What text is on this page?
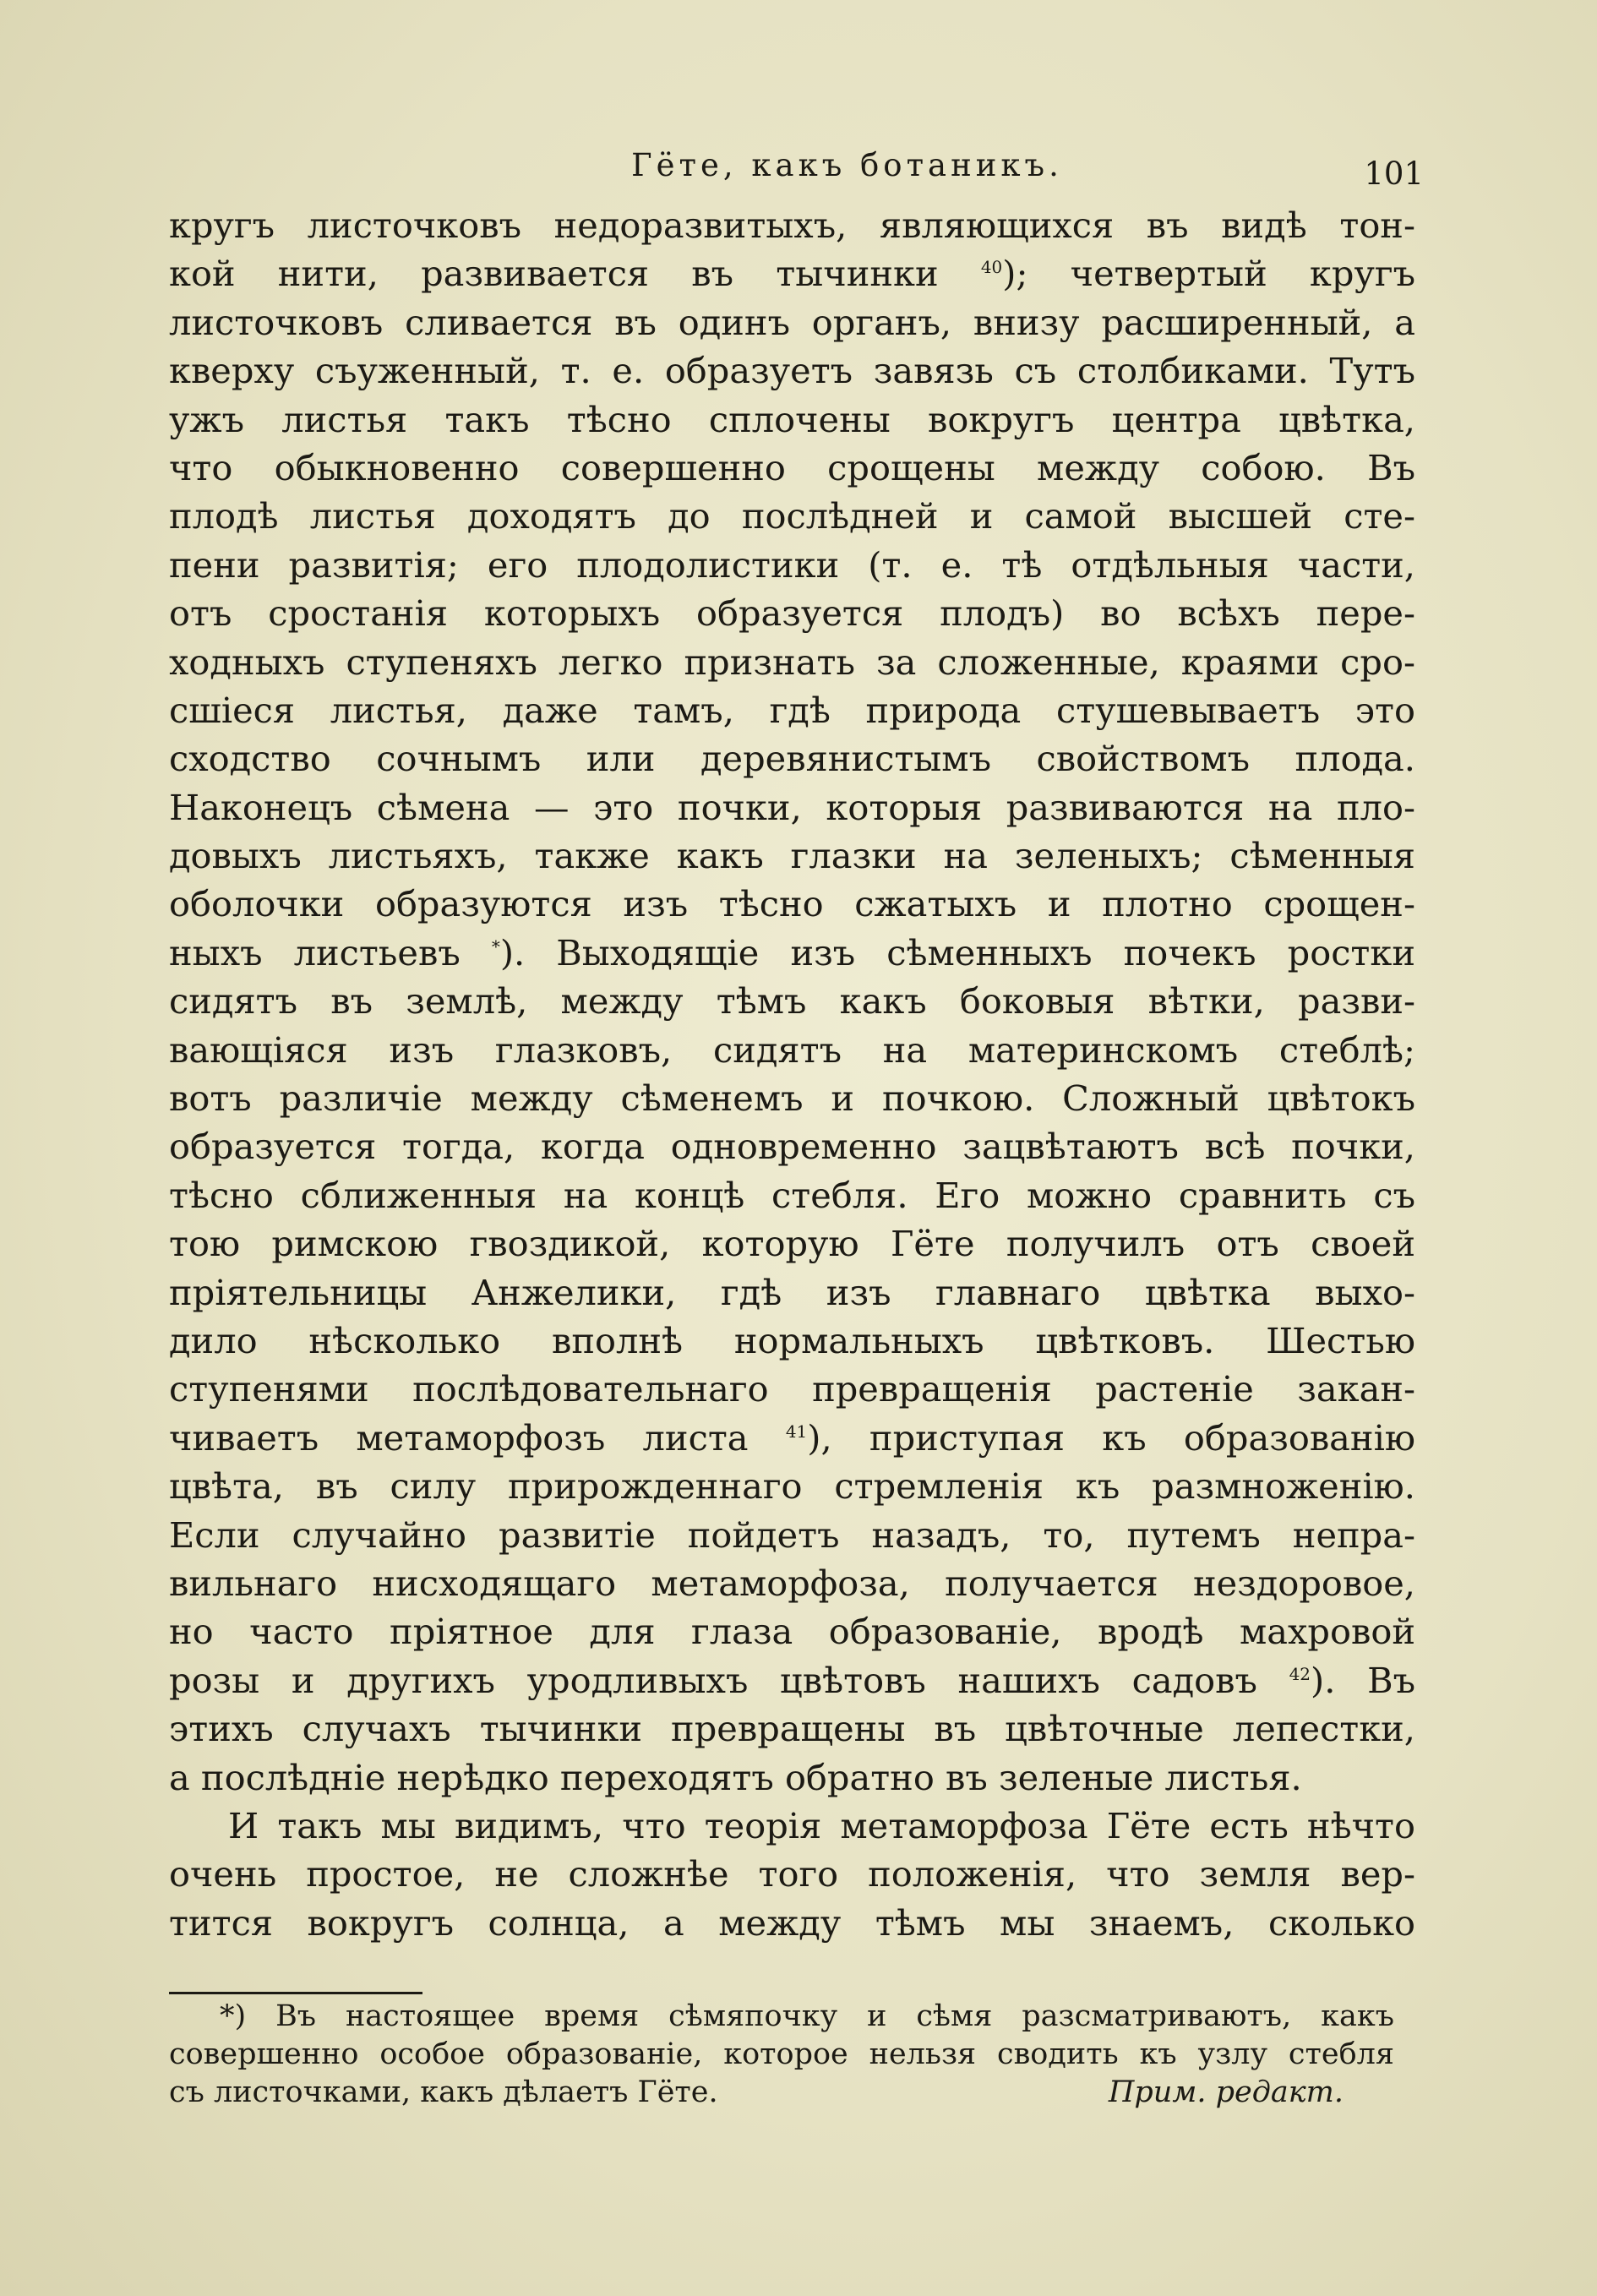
Гёте, какъ ботаникъ.	101
кругъ листочковъ недоразвитыхъ, являющихся въ видѣ тон-
кой нити, развивается въ тычинки	$^{40}$); четвертый кругъ
листочковъ сливается въ одинъ органъ, внизу расширенный, а
кверху съуженный, т. е. образуетъ завязь съ столбиками. Тутъ
ужъ листья такъ тѣсно сплочены вокругъ центра цвѣтка,
что обыкновенно совершенно срощены между собою. Въ
плодѣ листья доходятъ до послѣдней и самой высшей сте-
пени развитія; его плодолистики (т. е. тѣ отдѣльныя части,
отъ сростанія которыхъ образуется плодъ) во всѣхъ пере-
ходныхъ ступеняхъ легко признать за сложенные, краями сро-
сшіеся листья, даже тамъ, гдѣ природа стушевываетъ это
сходство сочнымъ или деревянистымъ свойствомъ плода.
Наконецъ сѣмена — это почки, которыя развиваются на пло-
довыхъ листьяхъ, также какъ глазки на зеленыхъ; сѣменныя
оболочки образуются изъ тѣсно сжатыхъ и плотно срощен-
ныхъ листьевъ *). Выходящіе изъ сѣменныхъ почекъ ростки
сидятъ въ землѣ, между тѣмъ какъ боковыя вѣтки, разви-
вающіяся изъ глазковъ, сидятъ на материнскомъ стеблѣ;
вотъ различіе между сѣменемъ и почкою. Сложный цвѣтокъ
образуется тогда, когда одновременно зацвѣтаютъ всѣ почки,
тѣсно сближенныя на концѣ стебля. Его можно сравнить съ
тою римскою гвоздикой, которую Гёте получилъ отъ своей
пріятельницы Анжелики, гдѣ изъ главнаго цвѣтка выхо-
дило нѣсколько вполнѣ нормальныхъ цвѣтковъ. Шестью
ступенями послѣдовательнаго превращенія растеніе закан-
чиваетъ метаморфозъ листа $^{41}$), приступая къ образованію
цвѣта, въ силу прирожденнаго стремленія къ размноженію.
Если случайно развитіе пойдетъ назадъ, то, путемъ непра-
вильнаго нисходящаго метаморфоза, получается нездоровое,
но часто пріятное для глаза образованіе, вродѣ махровой
розы и другихъ уродливыхъ цвѣтовъ нашихъ садовъ $^{42}$). Въ
этихъ случахъ тычинки превращены въ цвѣточные лепестки,
а послѣдніе нерѣдко переходятъ обратно въ зеленые листья.
И такъ мы видимъ, что теорія метаморфоза Гёте есть нѣчто
очень простое, не сложнѣе того положенія, что земля вер-
тится вокругъ солнца, а между тѣмъ мы знаемъ, сколько
*) Въ настоящее время сѣмяпочку и сѣмя разсматриваютъ, какъ
совершенно особое образованіе, которое нельзя сводить къ узлу стебля
съ листочками, какъ дѣлаетъ Гёте.	Прим. редакт.
